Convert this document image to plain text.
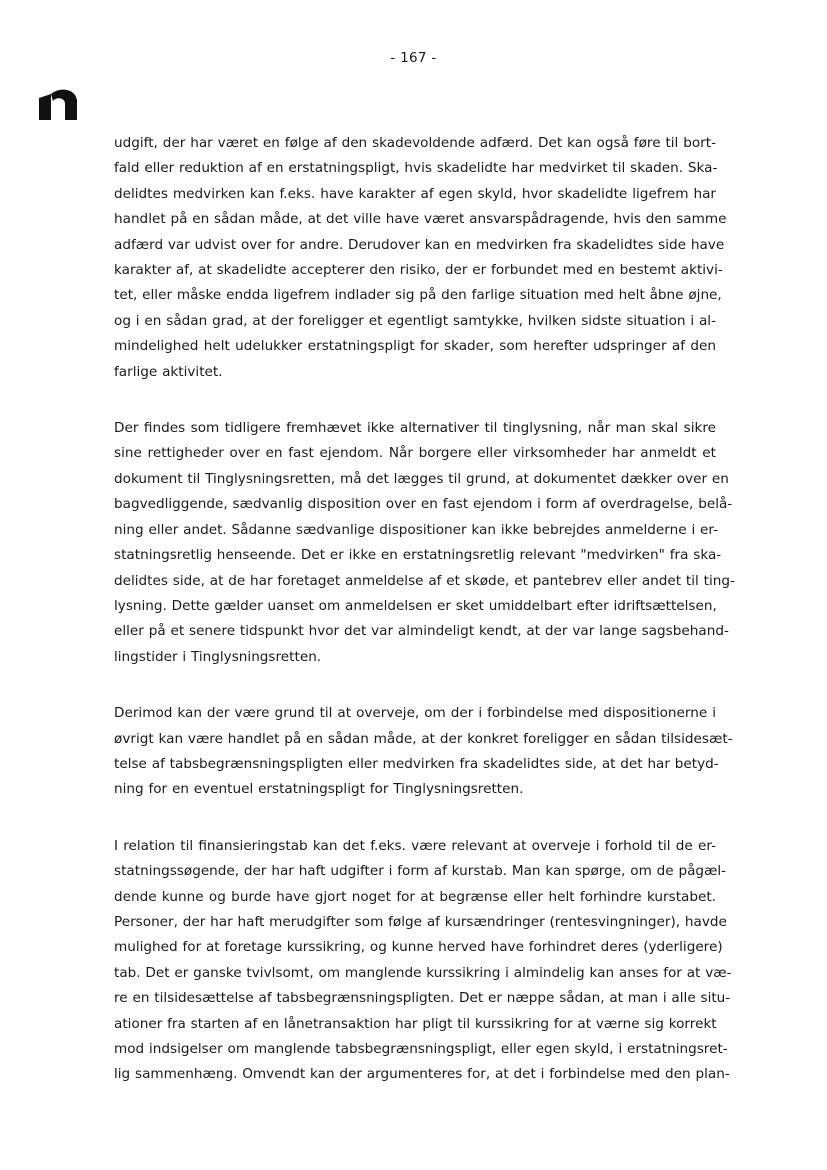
- 167 -
udgift, der har været en følge af den skadevoldende adfærd. Det kan også føre til bort-
fald eller reduktion af en erstatningspligt, hvis skadelidte har medvirket til skaden. Ska-
delidtes medvirken kan f.eks. have karakter af egen skyld, hvor skadelidte ligefrem har
handlet på en sådan måde, at det ville have været ansvarspådragende, hvis den samme
adfærd var udvist over for andre. Derudover kan en medvirken fra skadelidtes side have
karakter af, at skadelidte accepterer den risiko, der er forbundet med en bestemt aktivi-
tet, eller måske endda ligefrem indlader sig på den farlige situation med helt åbne øjne,
og i en sådan grad, at der foreligger et egentligt samtykke, hvilken sidste situation i al-
mindelighed helt udelukker erstatningspligt for skader, som herefter udspringer af den
farlige aktivitet.
Der findes som tidligere fremhævet ikke alternativer til tinglysning, når man skal sikre
sine rettigheder over en fast ejendom. Når borgere eller virksomheder har anmeldt et
dokument til Tinglysningsretten, må det lægges til grund, at dokumentet dækker over en
bagvedliggende, sædvanlig disposition over en fast ejendom i form af overdragelse, belå-
ning eller andet. Sådanne sædvanlige dispositioner kan ikke bebrejdes anmelderne i er-
statningsretlig henseende. Det er ikke en erstatningsretlig relevant "medvirken" fra ska-
delidtes side, at de har foretaget anmeldelse af et skøde, et pantebrev eller andet til ting-
lysning. Dette gælder uanset om anmeldelsen er sket umiddelbart efter idriftsættelsen,
eller på et senere tidspunkt hvor det var almindeligt kendt, at der var lange sagsbehand-
lingstider i Tinglysningsretten.
Derimod kan der være grund til at overveje, om der i forbindelse med dispositionerne i
øvrigt kan være handlet på en sådan måde, at der konkret foreligger en sådan tilsidesæt-
telse af tabsbegrænsningspligten eller medvirken fra skadelidtes side, at det har betyd-
ning for en eventuel erstatningspligt for Tinglysningsretten.
I relation til finansieringstab kan det f.eks. være relevant at overveje i forhold til de er-
statningssøgende, der har haft udgifter i form af kurstab. Man kan spørge, om de pågæl-
dende kunne og burde have gjort noget for at begrænse eller helt forhindre kurstabet.
Personer, der har haft merudgifter som følge af kursændringer (rentesvingninger), havde
mulighed for at foretage kurssikring, og kunne herved have forhindret deres (yderligere)
tab. Det er ganske tvivlsomt, om manglende kurssikring i almindelig kan anses for at væ-
re en tilsidesættelse af tabsbegrænsningspligten. Det er næppe sådan, at man i alle situ-
ationer fra starten af en lånetransaktion har pligt til kurssikring for at værne sig korrekt
mod indsigelser om manglende tabsbegrænsningspligt, eller egen skyld, i erstatningsret-
lig sammenhæng. Omvendt kan der argumenteres for, at det i forbindelse med den plan-
